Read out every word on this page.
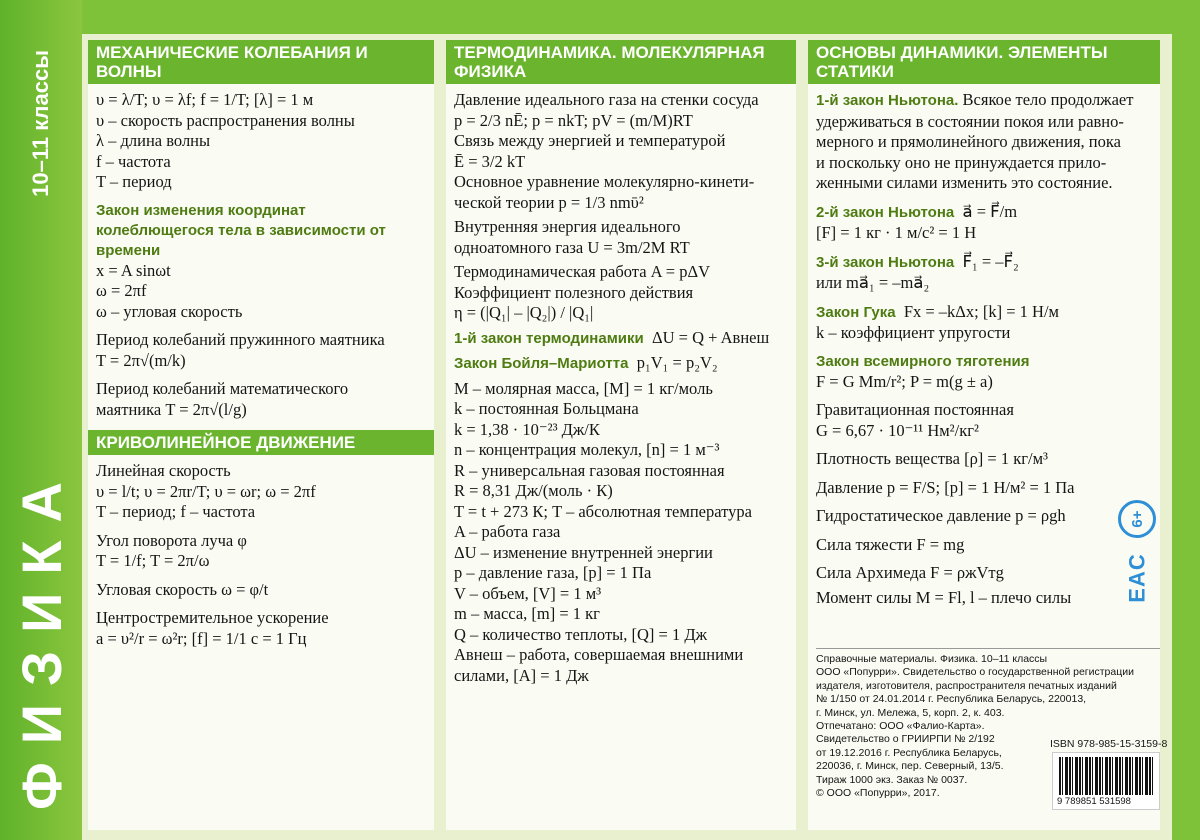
ФИЗИКА
10–11 классы	МЕХАНИЧЕСКИЕ КОЛЕБАНИЯ И ВОЛНЫ
υ = λ/T; υ = λf; f = 1/T; [λ] = 1 м
υ – скорость распространения волны
λ – длина волны
f – частота
T – период
Закон изменения координат колеблющегося тела в зависимости от времени
x = A sinωt
ω = 2πf
ω – угловая скорость
Период колебаний пружинного маятника
T = 2π√(m/k)
Период колебаний математического
маятника T = 2π√(l/g)
КРИВОЛИНЕЙНОЕ ДВИЖЕНИЕ
Линейная скорость
υ = l/t; υ = 2πr/T; υ = ωr; ω = 2πf
T – период; f – частота
Угол поворота луча φ
T = 1/f; T = 2π/ω
Угловая скорость ω = φ/t
Центростремительное ускорение
a = υ²/r = ω²r; [f] = 1/1 с = 1 Гц
ТЕРМОДИНАМИКА. МОЛЕКУЛЯРНАЯ ФИЗИКА
Давление идеального газа на стенки сосуда
p = 2/3 nĒ; p = nkT; pV = (m/M)RT
Связь между энергией и температурой
Ē = 3/2 kT
Основное уравнение молекулярно-кинети-
ческой теории p = 1/3 nmῡ²
Внутренняя энергия идеального
одноатомного газа U = 3m/2M RT
Термодинамическая работа A = pΔV
Коэффициент полезного действия
η = (|Q₁| – |Q₂|) / |Q₁|
1-й закон термодинамики ΔU = Q + Aвнеш
Закон Бойля–Мариотта p₁V₁ = p₂V₂
M – молярная масса, [M] = 1 кг/моль
k – постоянная Больцмана
k = 1,38 · 10⁻²³ Дж/К
n – концентрация молекул, [n] = 1 м⁻³
R – универсальная газовая постоянная
R = 8,31 Дж/(моль · К)
T = t + 273 К; T – абсолютная температура
A – работа газа
ΔU – изменение внутренней энергии
p – давление газа, [p] = 1 Па
V – объем, [V] = 1 м³
m – масса, [m] = 1 кг
Q – количество теплоты, [Q] = 1 Дж
Aвнеш – работа, совершаемая внешними
силами, [A] = 1 Дж
ОСНОВЫ ДИНАМИКИ. ЭЛЕМЕНТЫ СТАТИКИ
1-й закон Ньютона. Всякое тело продолжает
удерживаться в состоянии покоя или равно-
мерного и прямолинейного движения, пока
и поскольку оно не принуждается прило-
женными силами изменить это состояние.
2-й закон Ньютона a⃗ = F⃗/m
[F] = 1 кг · 1 м/с² = 1 Н
3-й закон Ньютона F⃗₁ = –F⃗₂
или ma⃗₁ = –ma⃗₂
Закон Гука Fx = –kΔx; [k] = 1 Н/м
k – коэффициент упругости
Закон всемирного тяготения
F = G Mm/r²; P = m(g ± a)
Гравитационная постоянная
G = 6,67 · 10⁻¹¹ Нм²/кг²
Плотность вещества [ρ] = 1 кг/м³
Давление p = F/S; [p] = 1 Н/м² = 1 Па
Гидростатическое давление p = ρgh
Сила тяжести F = mg
Сила Архимеда F = ρжVтg
Момент силы M = Fl, l – плечо силы
6+
EAC
Справочные материалы. Физика. 10–11 классы
ООО «Попурри». Свидетельство о государственной регистрации
издателя, изготовителя, распространителя печатных изданий
№ 1/150 от 24.01.2014 г. Республика Беларусь, 220013,
г. Минск, ул. Мележа, 5, корп. 2, к. 403.
Отпечатано: ООО «Фалио-Карта».
Свидетельство о ГРИИРПИ № 2/192
от 19.12.2016 г. Республика Беларусь,
220036, г. Минск, пер. Северный, 13/5.
Тираж 1000 экз. Заказ № 0037.
© ООО «Попурри», 2017.
ISBN 978-985-15-3159-8
9 789851 531598
